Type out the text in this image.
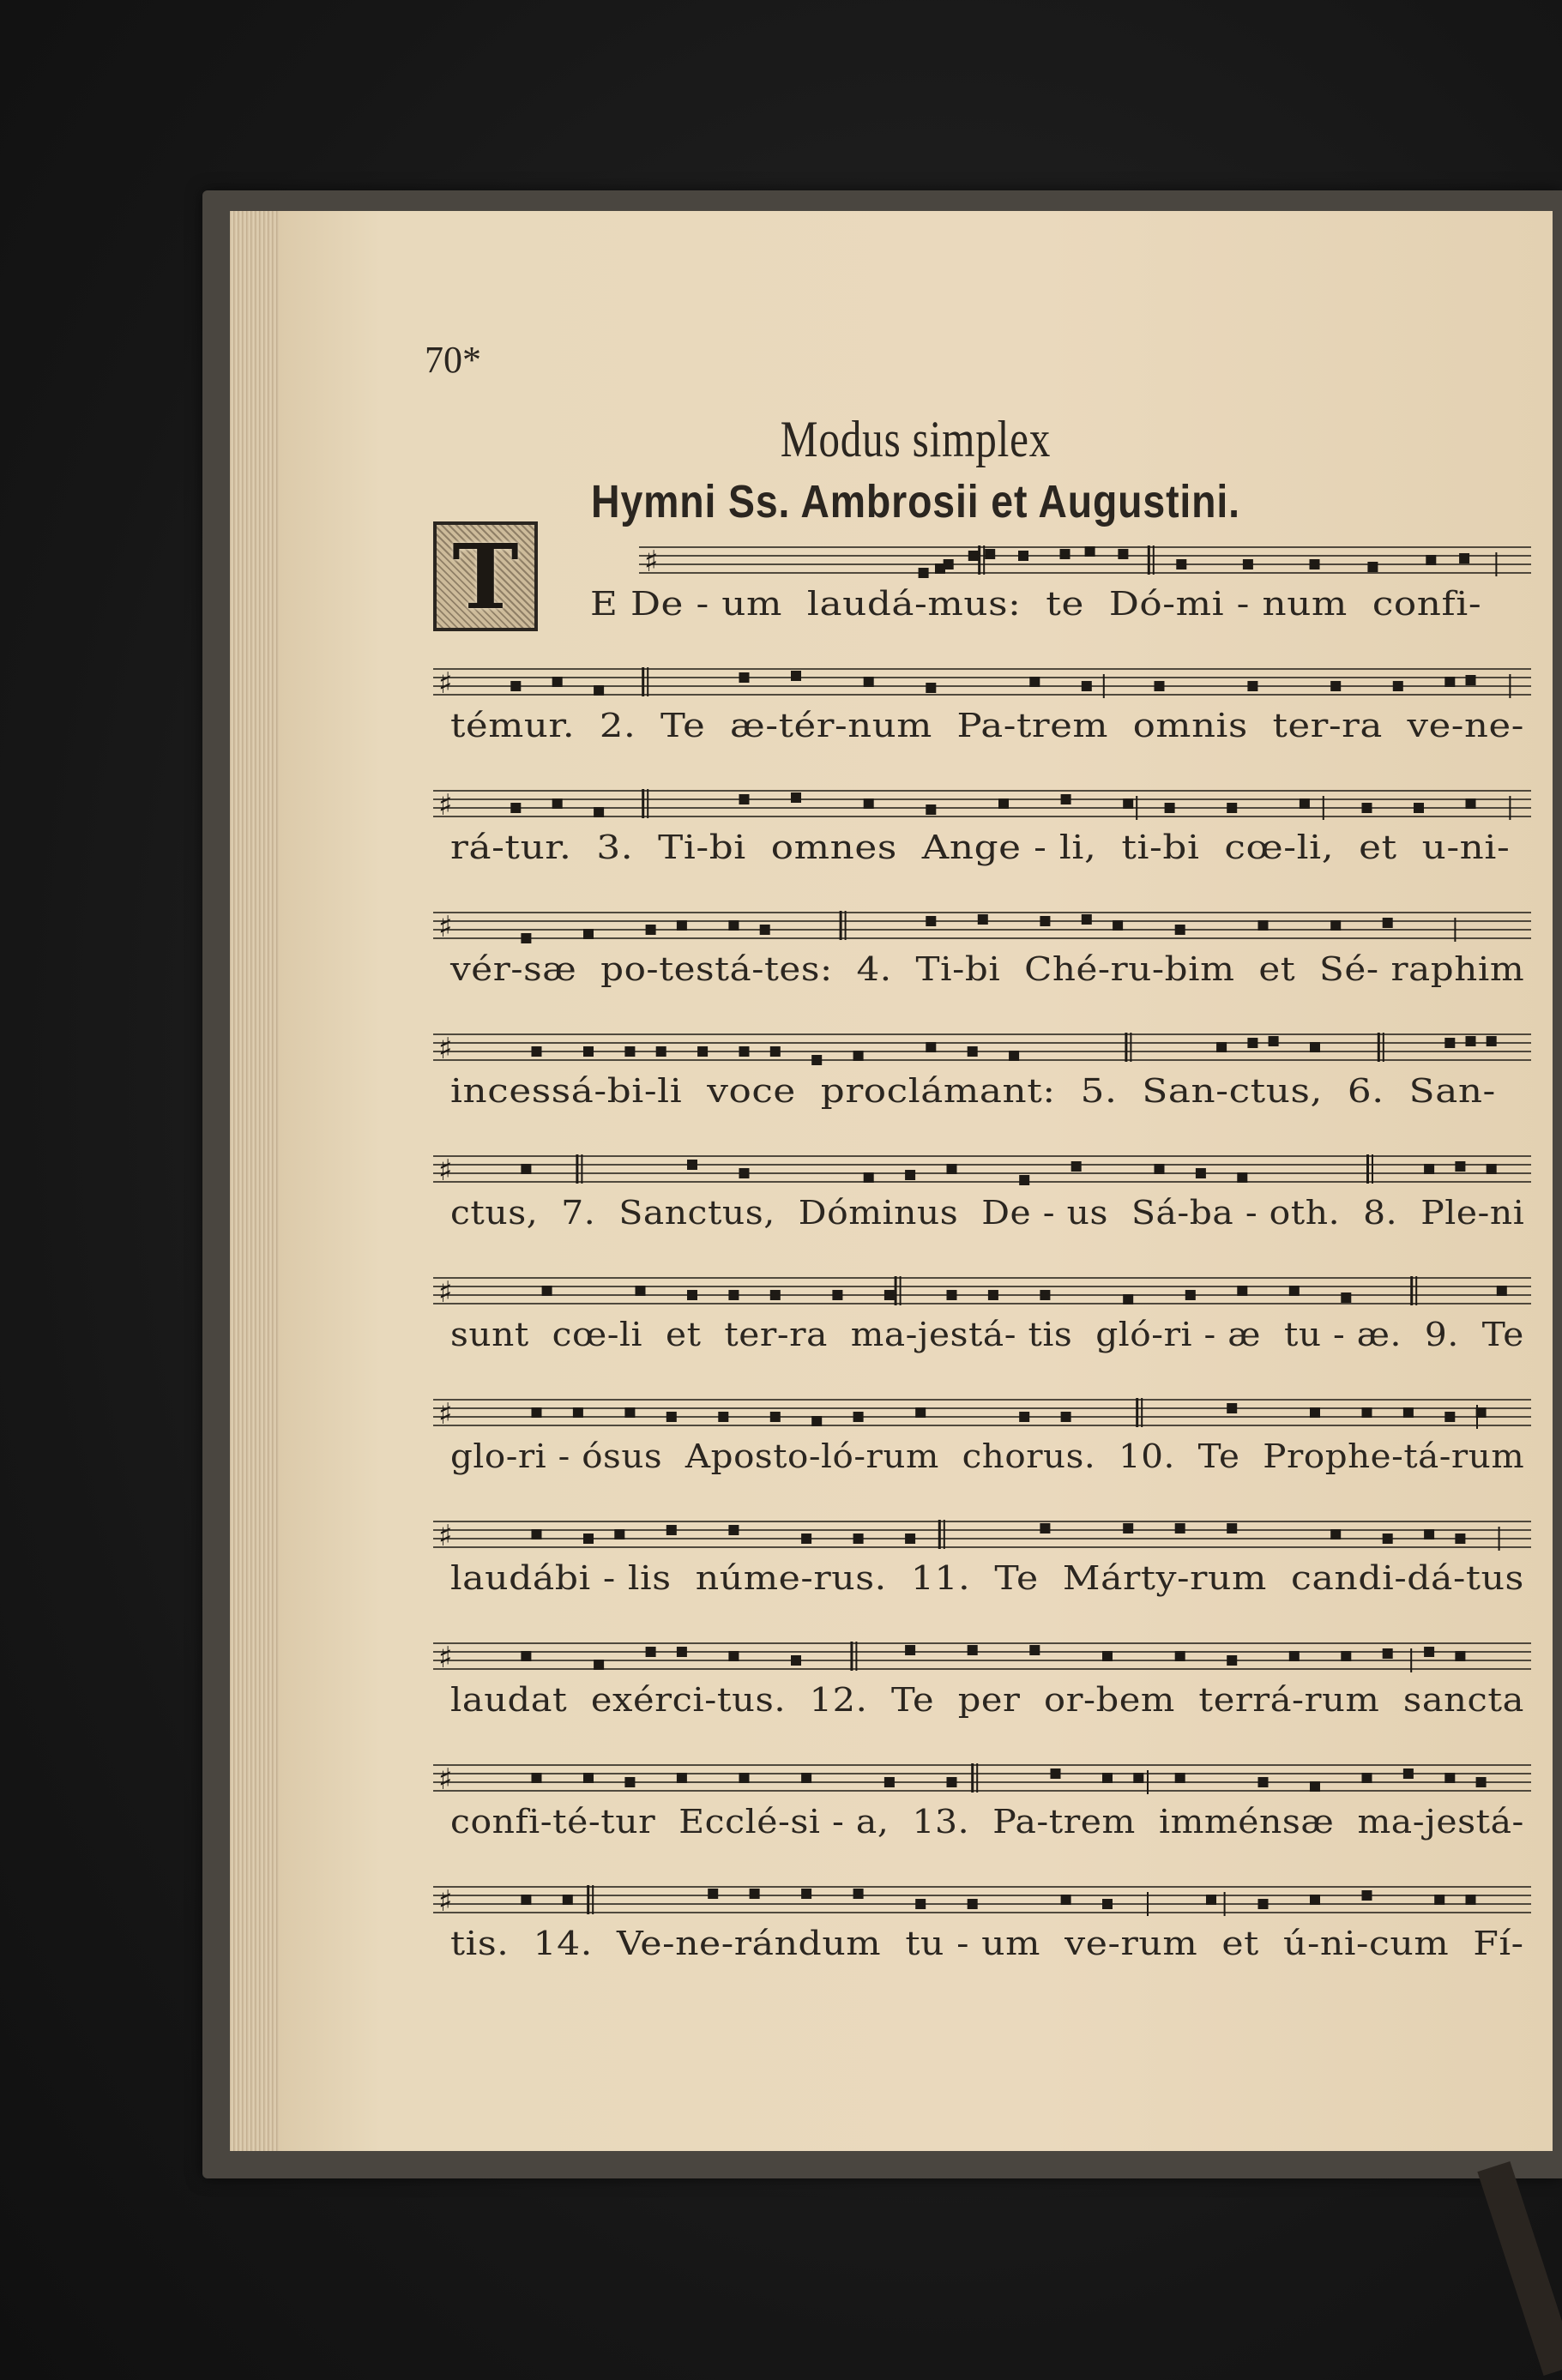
70*
Modus simplex
Hymni Ss. Ambrosii et Augustini.
T	♯
E De - um  laudá-mus:  te  Dó-mi - num  confi-
♯
témur.  2.  Te  æ-tér-num  Pa-trem  omnis  ter-ra  ve-ne-
♯
rá-tur.  3.  Ti-bi  omnes  Ange - li,  ti-bi  cœ-li,  et  u-ni-
♯
vér-sæ  po-testá-tes:  4.  Ti-bi  Ché-ru-bim  et  Sé- raphim
♯
incessá-bi-li  voce  proclámant:  5.  San-ctus,  6.  San-
♯
ctus,  7.  Sanctus,  Dóminus  De - us  Sá-ba - oth.  8.  Ple-ni
♯
sunt  cœ-li  et  ter-ra  ma-jestá- tis  gló-ri - æ  tu - æ.  9.  Te
♯
glo-ri - ósus  Aposto-ló-rum  chorus.  10.  Te  Prophe-tá-rum
♯
laudábi - lis  núme-rus.  11.  Te  Márty-rum  candi-dá-tus
♯
laudat  exérci-tus.  12.  Te  per  or-bem  terrá-rum  sancta
♯
confi-té-tur  Ecclé-si - a,  13.  Pa-trem  imménsæ  ma-jestá-
♯
tis.  14.  Ve-ne-rándum  tu - um  ve-rum  et  ú-ni-cum  Fí-
